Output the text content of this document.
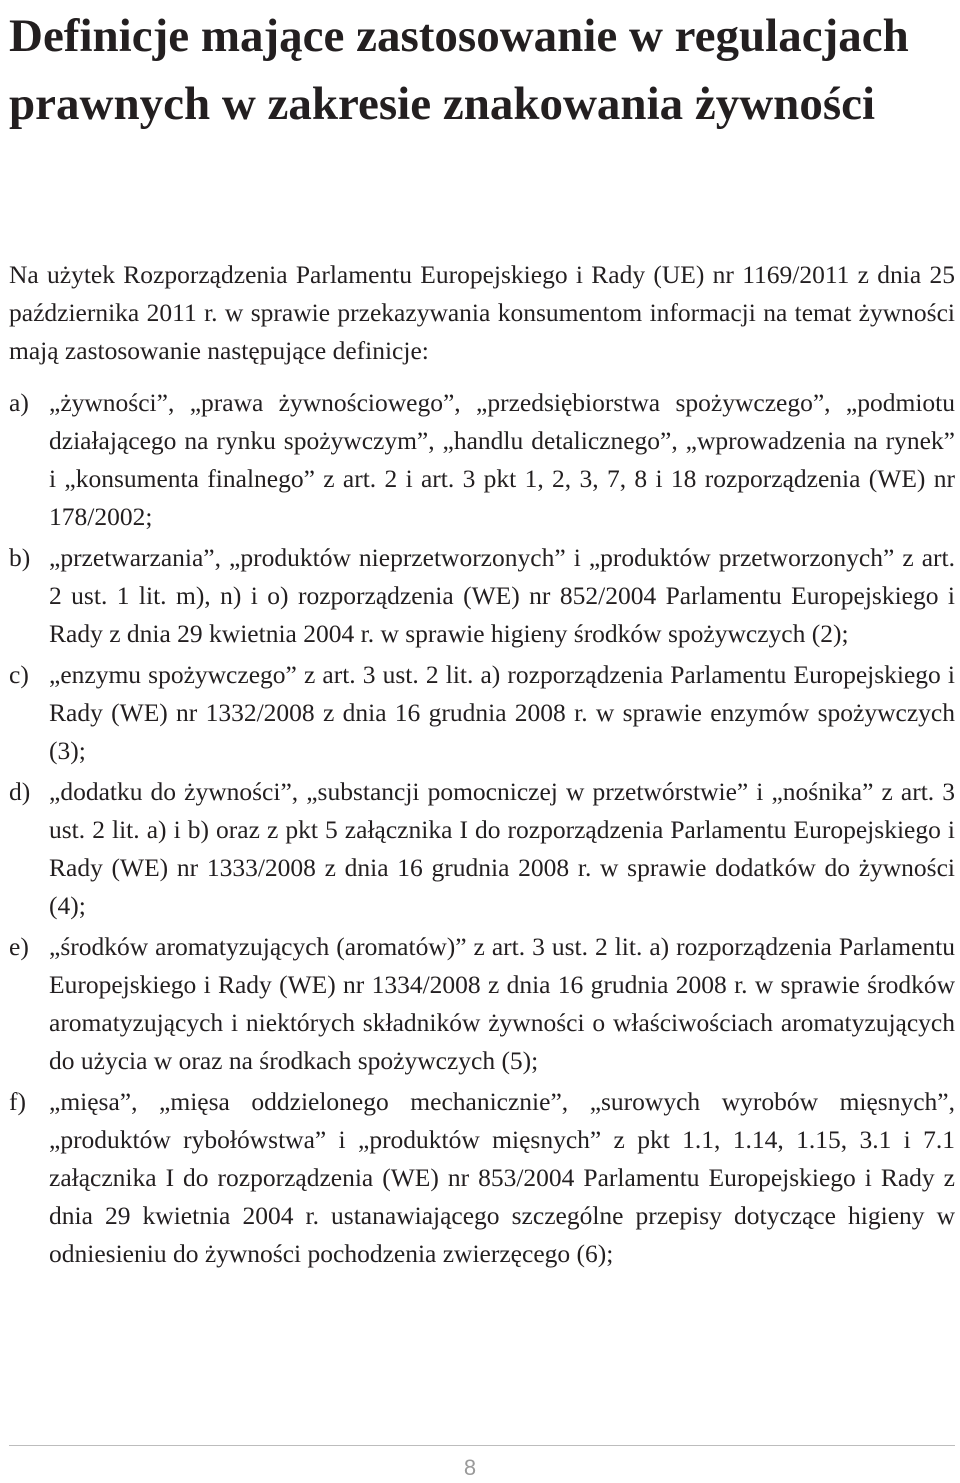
Definicje mające zastosowanie w regulacjach prawnych w zakresie znakowania żywności

Na użytek Rozporządzenia Parlamentu Europejskiego i Rady (UE) nr 1169/2011 z dnia 25 października 2011 r. w sprawie przekazywania konsumentom informacji na temat żywności mają zastosowanie następujące definicje:

a) „żywności”, „prawa żywnościowego”, „przedsiębiorstwa spożywczego”, „podmiotu działającego na rynku spożywczym”, „handlu detalicznego”, „wprowadzenia na rynek” i „konsumenta finalnego” z art. 2 i art. 3 pkt 1, 2, 3, 7, 8 i 18 rozporządzenia (WE) nr 178/2002;
b) „przetwarzania”, „produktów nieprzetworzonych” i „produktów przetworzonych” z art. 2 ust. 1 lit. m), n) i o) rozporządzenia (WE) nr 852/2004 Parlamentu Europejskiego i Rady z dnia 29 kwietnia 2004 r. w sprawie higieny środków spożywczych (2);
c) „enzymu spożywczego” z art. 3 ust. 2 lit. a) rozporządzenia Parlamentu Europejskiego i Rady (WE) nr 1332/2008 z dnia 16 grudnia 2008 r. w sprawie enzymów spożywczych (3);
d) „dodatku do żywności”, „substancji pomocniczej w przetwórstwie” i „nośnika” z art. 3 ust. 2 lit. a) i b) oraz z pkt 5 załącznika I do rozporządzenia Parlamentu Europejskiego i Rady (WE) nr 1333/2008 z dnia 16 grudnia 2008 r. w sprawie dodatków do żywności (4);
e) „środków aromatyzujących (aromatów)” z art. 3 ust. 2 lit. a) rozporządzenia Parlamentu Europejskiego i Rady (WE) nr 1334/2008 z dnia 16 grudnia 2008 r. w sprawie środków aromatyzujących i niektórych składników żywności o właściwościach aromatyzujących do użycia w oraz na środkach spożywczych (5);
f) „mięsa”, „mięsa oddzielonego mechanicznie”, „surowych wyrobów mięsnych”, „produktów rybołówstwa” i „produktów mięsnych” z pkt 1.1, 1.14, 1.15, 3.1 i 7.1 załącznika I do rozporządzenia (WE) nr 853/2004 Parlamentu Europejskiego i Rady z dnia 29 kwietnia 2004 r. ustanawiającego szczególne przepisy dotyczące higieny w odniesieniu do żywności pochodzenia zwierzęcego (6);
8
